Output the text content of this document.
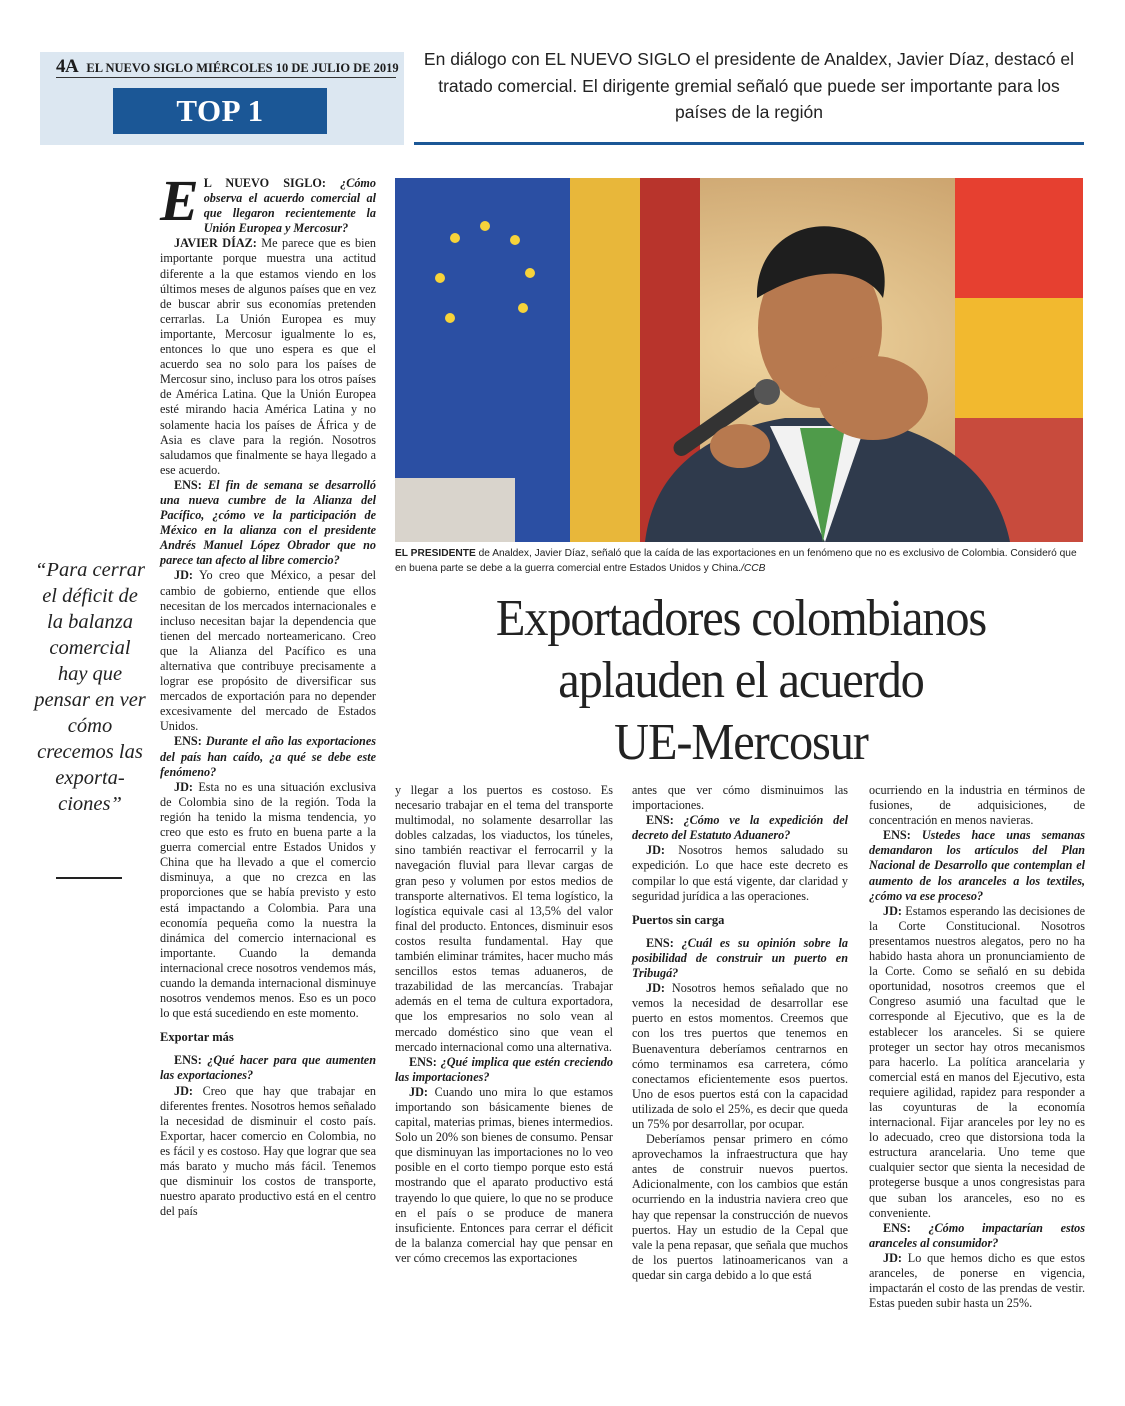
4A EL NUEVO SIGLO MIÉRCOLES 10 DE JULIO DE 2019
TOP 1
En diálogo con EL NUEVO SIGLO el presidente de Analdex, Javier Díaz, destacó el tratado comercial. El dirigente gremial señaló que puede ser importante para los países de la región
EL PRESIDENTE de Analdex, Javier Díaz, señaló que la caída de las exportaciones en un fenómeno que no es exclusivo de Colombia. Consideró que en buena parte se debe a la guerra comercial entre Estados Unidos y China./CCB
Exportadores colombianos
aplauden el acuerdo
UE-Mercosur
“Para cerrar el déficit de la balanza comercial hay que pensar en ver cómo crecemos las exporta-ciones”

E L NUEVO SIGLO: ¿Cómo observa el acuerdo comercial al que llegaron recientemente la Unión Europea y Mercosur?

JAVIER DÍAZ: Me parece que es bien importante porque muestra una actitud diferente a la que estamos viendo en los últimos meses de algunos países que en vez de buscar abrir sus economías pretenden cerrarlas. La Unión Europea es muy importante, Mercosur igualmente lo es, entonces lo que uno espera es que el acuerdo sea no solo para los países de Mercosur sino, incluso para los otros países de América Latina. Que la Unión Europea esté mirando hacia América Latina y no solamente hacia los países de África y de Asia es clave para la región. Nosotros saludamos que finalmente se haya llegado a ese acuerdo.

ENS: El fin de semana se desarrolló una nueva cumbre de la Alianza del Pacífico, ¿cómo ve la participación de México en la alianza con el presidente Andrés Manuel López Obrador que no parece tan afecto al libre comercio?

JD: Yo creo que México, a pesar del cambio de gobierno, entiende que ellos necesitan de los mercados internacionales e incluso necesitan bajar la dependencia que tienen del mercado norteamericano. Creo que la Alianza del Pacífico es una alternativa que contribuye precisamente a lograr ese propósito de diversificar sus mercados de exportación para no depender excesivamente del mercado de Estados Unidos.

ENS: Durante el año las exportaciones del país han caído, ¿a qué se debe este fenómeno?

JD: Esta no es una situación exclusiva de Colombia sino de la región. Toda la región ha tenido la misma tendencia, yo creo que esto es fruto en buena parte a la guerra comercial entre Estados Unidos y China que ha llevado a que el comercio disminuya, a que no crezca en las proporciones que se había previsto y esto está impactando a Colombia. Para una economía pequeña como la nuestra la dinámica del comercio internacional es importante. Cuando la demanda internacional crece nosotros vendemos más, cuando la demanda internacional disminuye nosotros vendemos menos. Eso es un poco lo que está sucediendo en este momento.

Exportar más

ENS: ¿Qué hacer para que aumenten las exportaciones?

JD: Creo que hay que trabajar en diferentes frentes. Nosotros hemos señalado la necesidad de disminuir el costo país. Exportar, hacer comercio en Colombia, no es fácil y es costoso. Hay que lograr que sea más barato y mucho más fácil. Tenemos que disminuir los costos de transporte, nuestro aparato productivo está en el centro del país

y llegar a los puertos es costoso. Es necesario trabajar en el tema del transporte multimodal, no solamente desarrollar las dobles calzadas, los viaductos, los túneles, sino también reactivar el ferrocarril y la navegación fluvial para llevar cargas de gran peso y volumen por estos medios de transporte alternativos. El tema logístico, la logística equivale casi al 13,5% del valor final del producto. Entonces, disminuir esos costos resulta fundamental. Hay que también eliminar trámites, hacer mucho más sencillos estos temas aduaneros, de trazabilidad de las mercancías. Trabajar además en el tema de cultura exportadora, que los empresarios no solo vean al mercado doméstico sino que vean el mercado internacional como una alternativa.

ENS: ¿Qué implica que estén creciendo las importaciones?

JD: Cuando uno mira lo que estamos importando son básicamente bienes de capital, materias primas, bienes intermedios. Solo un 20% son bienes de consumo. Pensar que disminuyan las importaciones no lo veo posible en el corto tiempo porque esto está mostrando que el aparato productivo está trayendo lo que quiere, lo que no se produce en el país o se produce de manera insuficiente. Entonces para cerrar el déficit de la balanza comercial hay que pensar en ver cómo crecemos las exportaciones

antes que ver cómo disminuimos las importaciones.

ENS: ¿Cómo ve la expedición del decreto del Estatuto Aduanero?

JD: Nosotros hemos saludado su expedición. Lo que hace este decreto es compilar lo que está vigente, dar claridad y seguridad jurídica a las operaciones.

Puertos sin carga

ENS: ¿Cuál es su opinión sobre la posibilidad de construir un puerto en Tribugá?

JD: Nosotros hemos señalado que no vemos la necesidad de desarrollar ese puerto en estos momentos. Creemos que con los tres puertos que tenemos en Buenaventura deberíamos centrarnos en cómo terminamos esa carretera, cómo conectamos eficientemente esos puertos. Uno de esos puertos está con la capacidad utilizada de solo el 25%, es decir que queda un 75% por desarrollar, por ocupar.

Deberíamos pensar primero en cómo aprovechamos la infraestructura que hay antes de construir nuevos puertos. Adicionalmente, con los cambios que están ocurriendo en la industria naviera creo que hay que repensar la construcción de nuevos puertos. Hay un estudio de la Cepal que vale la pena repasar, que señala que muchos de los puertos latinoamericanos van a quedar sin carga debido a lo que está

ocurriendo en la industria en términos de fusiones, de adquisiciones, de concentración en menos navieras.

ENS: Ustedes hace unas semanas demandaron los artículos del Plan Nacional de Desarrollo que contemplan el aumento de los aranceles a los textiles, ¿cómo va ese proceso?

JD: Estamos esperando las decisiones de la Corte Constitucional. Nosotros presentamos nuestros alegatos, pero no ha habido hasta ahora un pronunciamiento de la Corte. Como se señaló en su debida oportunidad, nosotros creemos que el Congreso asumió una facultad que le corresponde al Ejecutivo, que es la de establecer los aranceles. Si se quiere proteger un sector hay otros mecanismos para hacerlo. La política arancelaria y comercial está en manos del Ejecutivo, esta requiere agilidad, rapidez para responder a las coyunturas de la economía internacional. Fijar aranceles por ley no es lo adecuado, creo que distorsiona toda la estructura arancelaria. Uno teme que cualquier sector que sienta la necesidad de protegerse busque a unos congresistas para que suban los aranceles, eso no es conveniente.

ENS: ¿Cómo impactarían estos aranceles al consumidor?

JD: Lo que hemos dicho es que estos aranceles, de ponerse en vigencia, impactarán el costo de las prendas de vestir. Estas pueden subir hasta un 25%.
